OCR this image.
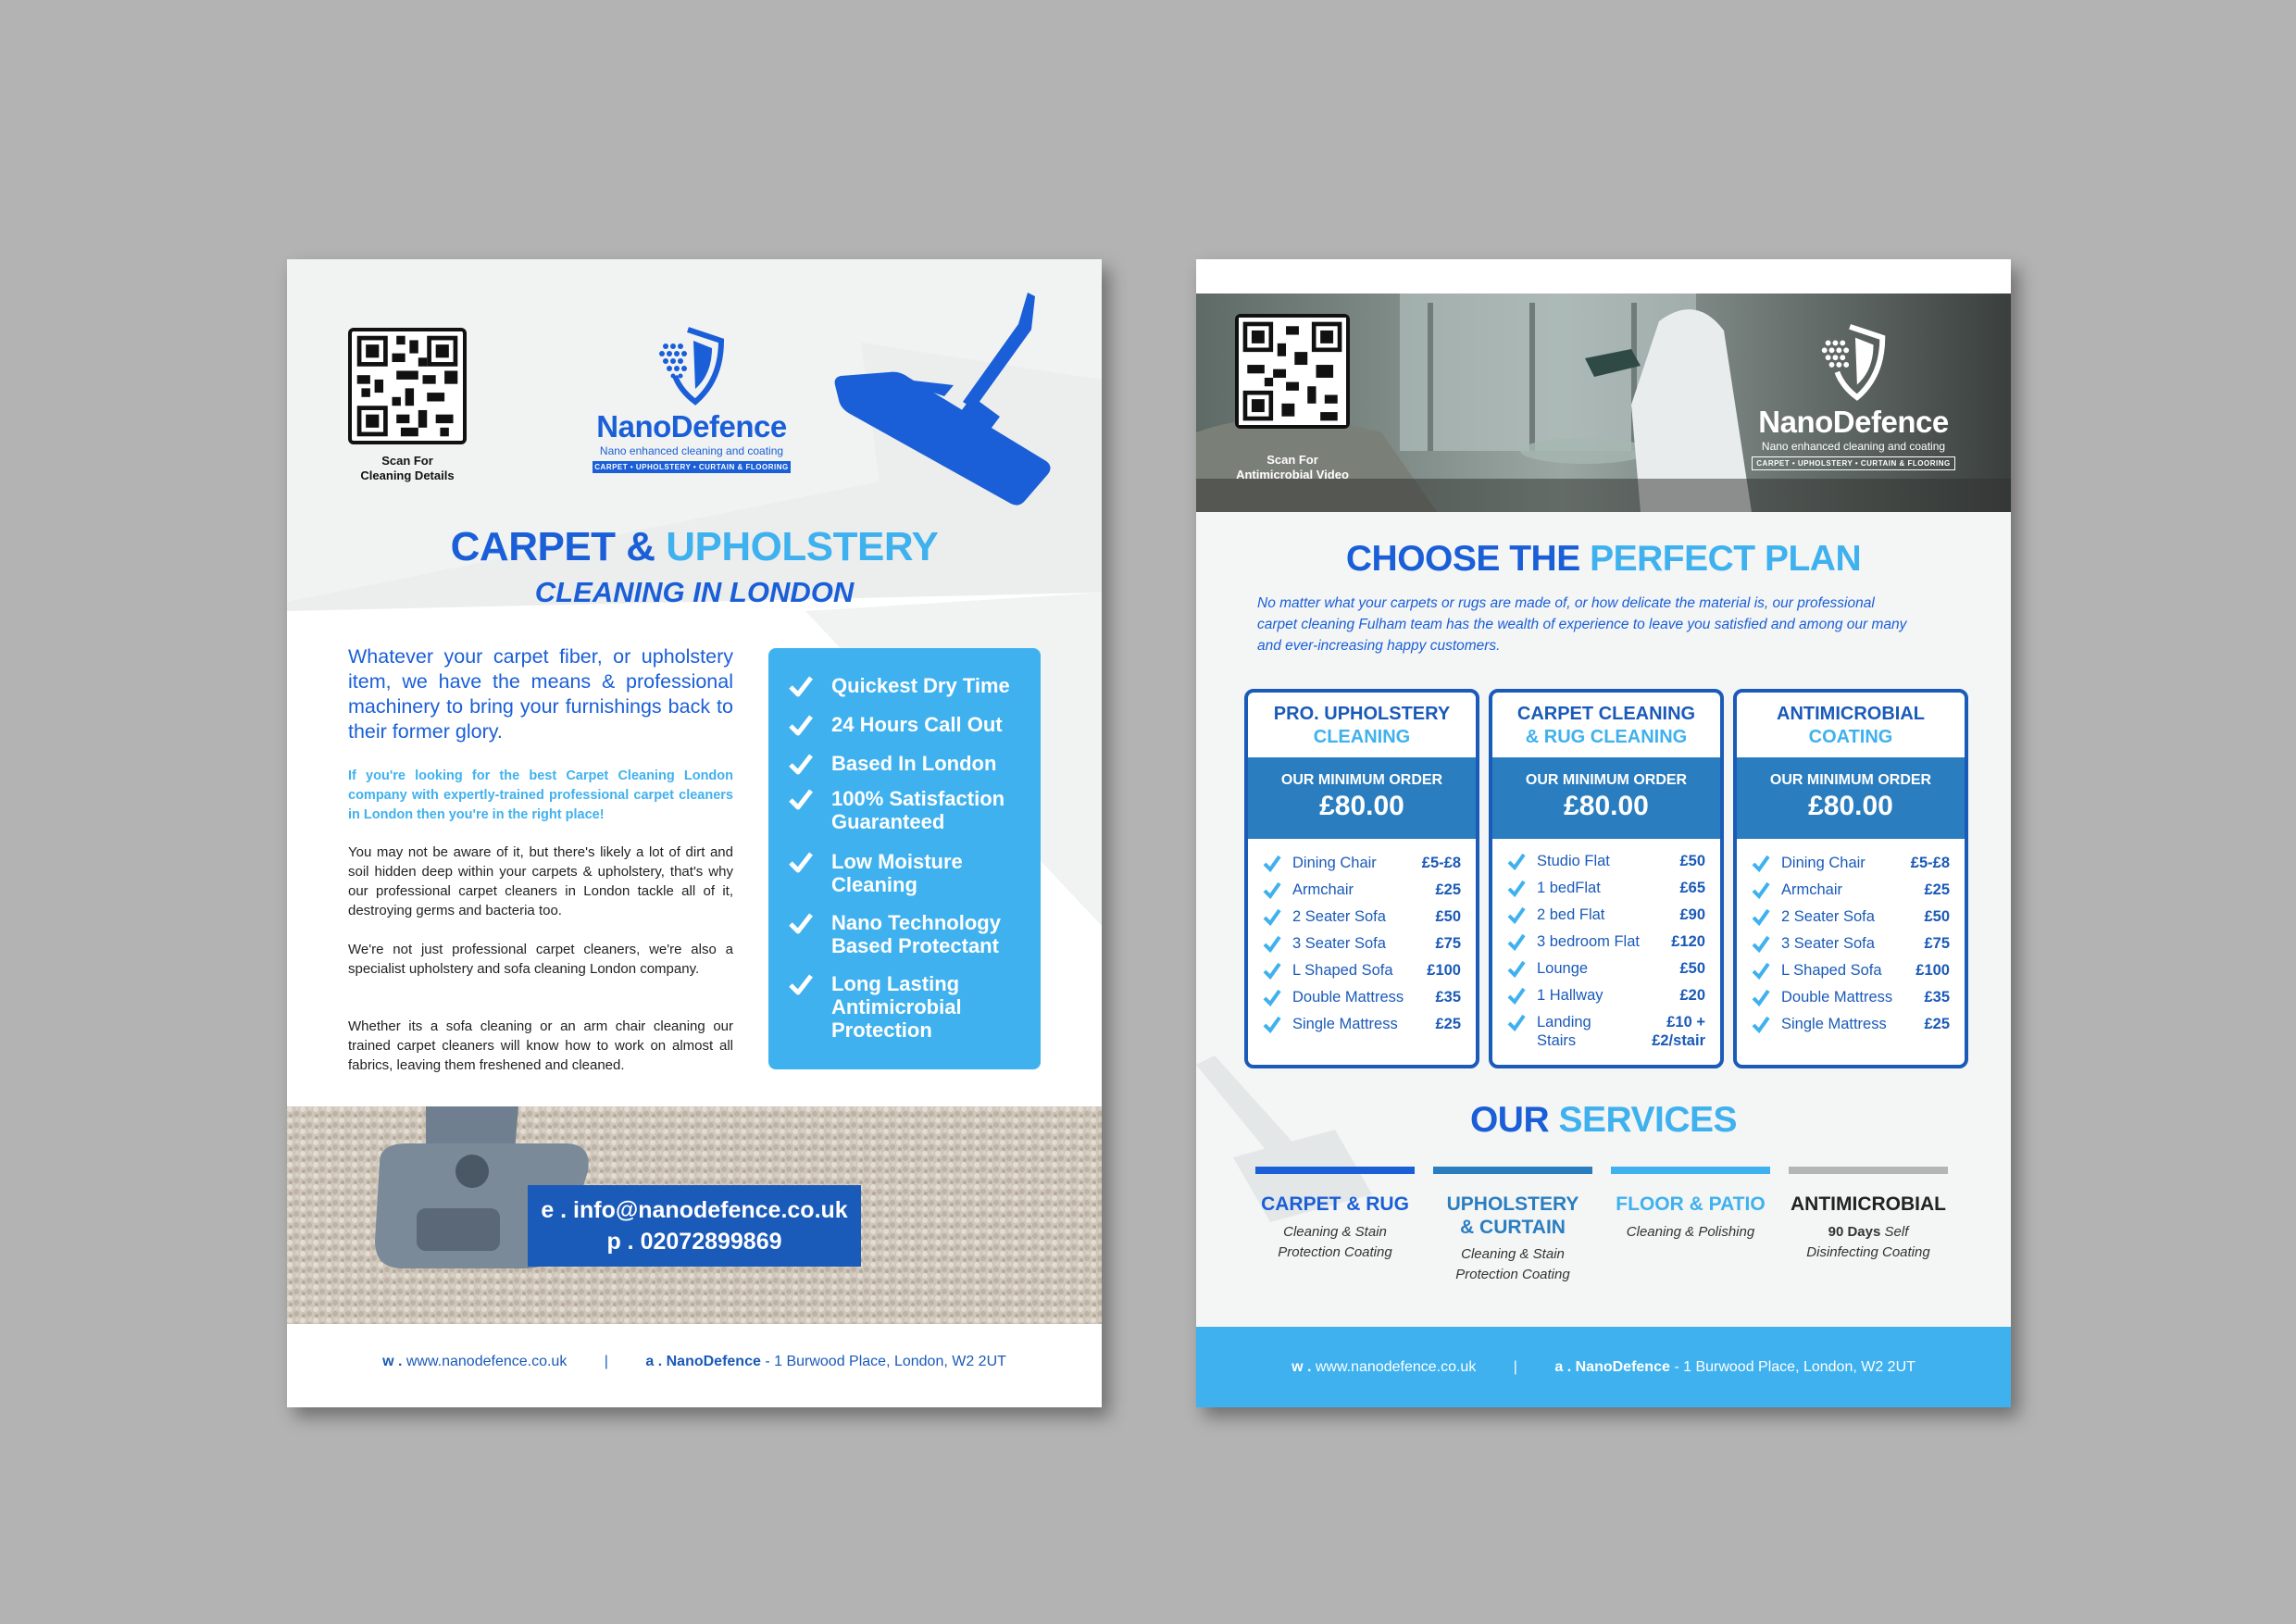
Scan For
Cleaning Details
NanoDefence
Nano enhanced cleaning and coating
CARPET • UPHOLSTERY • CURTAIN & FLOORING
CARPET & UPHOLSTERY
CLEANING IN LONDON
Whatever your carpet fiber, or upholstery item, we have the means & professional machinery to bring your furnishings back to their former glory.
If you're looking for the best Carpet Cleaning London company with expertly-trained professional carpet cleaners in London then you're in the right place!
You may not be aware of it, but there's likely a lot of dirt and soil hidden deep within your carpets & upholstery, that's why our professional carpet cleaners in London tackle all of it, destroying germs and bacteria too.
We're not just professional carpet cleaners, we're also a specialist upholstery and sofa cleaning London company.
Whether its a sofa cleaning or an arm chair cleaning our trained carpet cleaners will know how to work on almost all fabrics, leaving them freshened and cleaned.
Quickest Dry Time
24 Hours Call Out
Based In London
100% Satisfaction
Guaranteed
Low Moisture
Cleaning
Nano Technology
Based Protectant
Long Lasting
Antimicrobial
Protection
e . info@nanodefence.co.uk
p . 02072899869
w . www.nanodefence.co.uk	|	a . NanoDefence - 1 Burwood Place, London, W2 2UT
Scan For
Antimicrobial Video
NanoDefence
Nano enhanced cleaning and coating
CARPET • UPHOLSTERY • CURTAIN & FLOORING
CHOOSE THE PERFECT PLAN
No matter what your carpets or rugs are made of, or how delicate the material is, our professional
carpet cleaning Fulham team has the wealth of experience to leave you satisfied and among our many
and ever-increasing happy customers.
PRO. UPHOLSTERY
CLEANING
OUR MINIMUM ORDER
£80.00
Dining Chair	£5-£8
Armchair	£25
2 Seater Sofa	£50
3 Seater Sofa	£75
L Shaped Sofa £100
Double Mattress £35
Single Mattress £25
CARPET CLEANING
& RUG CLEANING
OUR MINIMUM ORDER
£80.00
Studio Flat	£50
1 bedFlat	£65
2 bed Flat	£90
3 bedroom Flat £120
Lounge	£50
1 Hallway	£20
Landing
Stairs
£10 +
£2/stair
ANTIMICROBIAL
COATING
OUR MINIMUM ORDER
£80.00
Dining Chair	£5-£8
Armchair	£25
2 Seater Sofa	£50
3 Seater Sofa	£75
L Shaped Sofa £100
Double Mattress £35
Single Mattress £25
OUR SERVICES
CARPET & RUG
Cleaning & Stain
Protection Coating
UPHOLSTERY
& CURTAIN
Cleaning & Stain
Protection Coating
FLOOR & PATIO
Cleaning & Polishing
ANTIMICROBIAL
90 Days Self
Disinfecting Coating
w . www.nanodefence.co.uk	|	a . NanoDefence - 1 Burwood Place, London, W2 2UT
